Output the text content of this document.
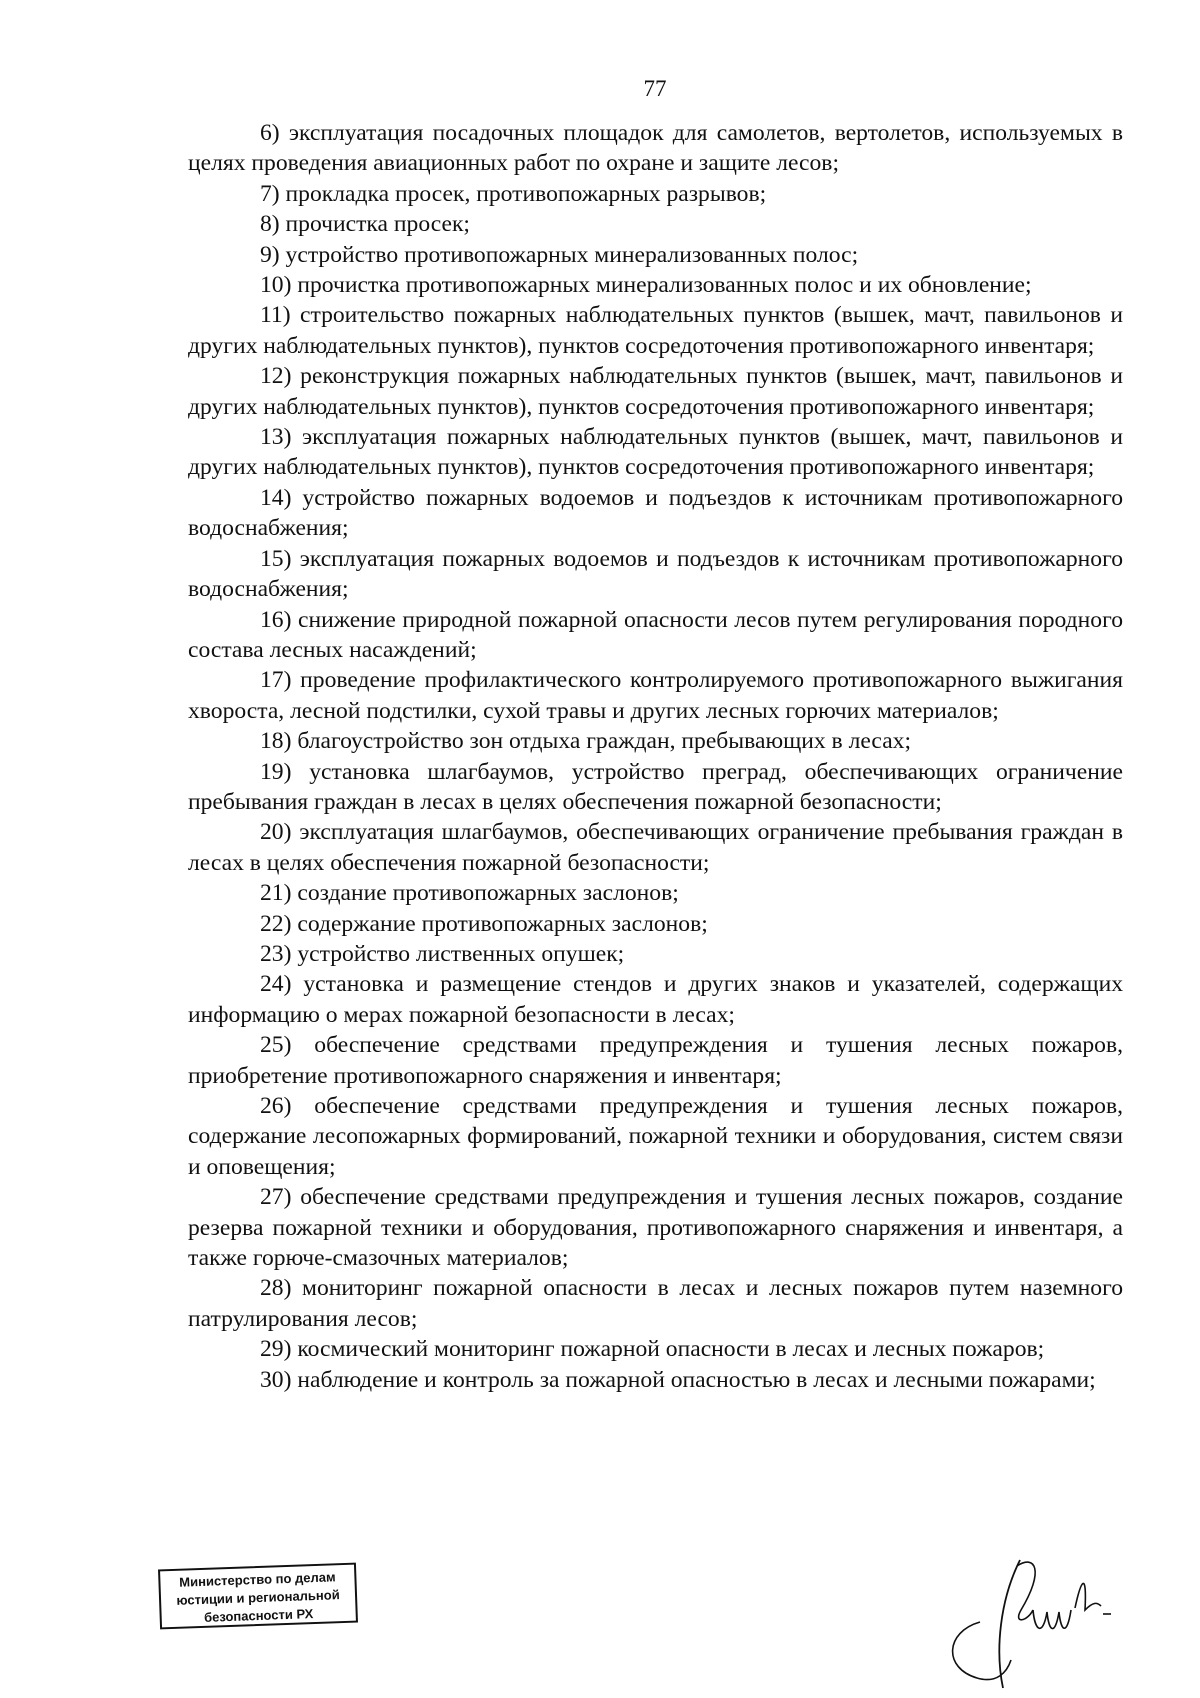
77

6) эксплуатация посадочных площадок для самолетов, вертолетов, используемых в целях проведения авиационных работ по охране и защите лесов;

7) прокладка просек, противопожарных разрывов;

8) прочистка просек;

9) устройство противопожарных минерализованных полос;

10) прочистка противопожарных минерализованных полос и их обновление;

11) строительство пожарных наблюдательных пунктов (вышек, мачт, павильонов и других наблюдательных пунктов), пунктов сосредоточения противопожарного инвентаря;

12) реконструкция пожарных наблюдательных пунктов (вышек, мачт, павильонов и других наблюдательных пунктов), пунктов сосредоточения противопожарного инвентаря;

13) эксплуатация пожарных наблюдательных пунктов (вышек, мачт, павильонов и других наблюдательных пунктов), пунктов сосредоточения противопожарного инвентаря;

14) устройство пожарных водоемов и подъездов к источникам противопожарного водоснабжения;

15) эксплуатация пожарных водоемов и подъездов к источникам противопожарного водоснабжения;

16) снижение природной пожарной опасности лесов путем регулирования породного состава лесных насаждений;

17) проведение профилактического контролируемого противопожарного выжигания хвороста, лесной подстилки, сухой травы и других лесных горючих материалов;

18) благоустройство зон отдыха граждан, пребывающих в лесах;

19) установка шлагбаумов, устройство преград, обеспечивающих ограничение пребывания граждан в лесах в целях обеспечения пожарной безопасности;

20) эксплуатация шлагбаумов, обеспечивающих ограничение пребывания граждан в лесах в целях обеспечения пожарной безопасности;

21) создание противопожарных заслонов;

22) содержание противопожарных заслонов;

23) устройство лиственных опушек;

24) установка и размещение стендов и других знаков и указателей, содержащих информацию о мерах пожарной безопасности в лесах;

25) обеспечение средствами предупреждения и тушения лесных пожаров, приобретение противопожарного снаряжения и инвентаря;

26) обеспечение средствами предупреждения и тушения лесных пожаров, содержание лесопожарных формирований, пожарной техники и оборудования, систем связи и оповещения;

27) обеспечение средствами предупреждения и тушения лесных пожаров, создание резерва пожарной техники и оборудования, противопожарного снаряжения и инвентаря, а также горюче-смазочных материалов;

28) мониторинг пожарной опасности в лесах и лесных пожаров путем наземного патрулирования лесов;

29) космический мониторинг пожарной опасности в лесах и лесных пожаров;

30) наблюдение и контроль за пожарной опасностью в лесах и лесными пожарами;

Министерство по делам
юстиции и региональной
безопасности РХ
